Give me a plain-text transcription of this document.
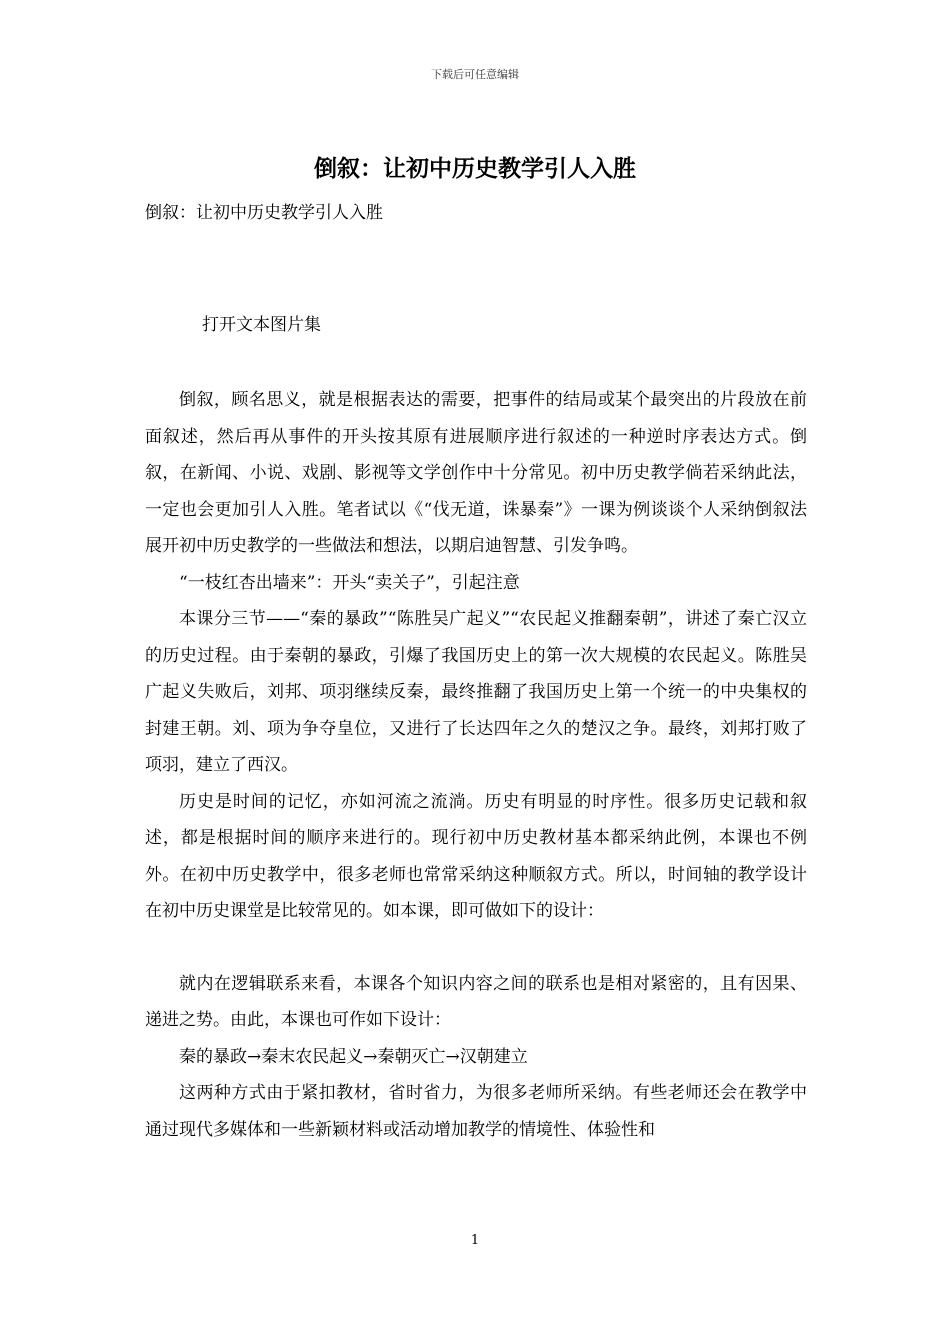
下载后可任意编辑
倒叙：让初中历史教学引人入胜
倒叙：让初中历史教学引人入胜
打开文本图片集

倒叙，顾名思义，就是根据表达的需要，把事件的结局或某个最突出的片段放在前面叙述，然后再从事件的开头按其原有进展顺序进行叙述的一种逆时序表达方式。倒叙，在新闻、小说、戏剧、影视等文学创作中十分常见。初中历史教学倘若采纳此法，一定也会更加引人入胜。笔者试以《“伐无道，诛暴秦”》一课为例谈谈个人采纳倒叙法展开初中历史教学的一些做法和想法，以期启迪智慧、引发争鸣。

“一枝红杏出墙来”：开头“卖关子”，引起注意

本课分三节——“秦的暴政”“陈胜吴广起义”“农民起义推翻秦朝”，讲述了秦亡汉立的历史过程。由于秦朝的暴政，引爆了我国历史上的第一次大规模的农民起义。陈胜吴广起义失败后，刘邦、项羽继续反秦，最终推翻了我国历史上第一个统一的中央集权的封建王朝。刘、项为争夺皇位，又进行了长达四年之久的楚汉之争。最终，刘邦打败了项羽，建立了西汉。

历史是时间的记忆，亦如河流之流淌。历史有明显的时序性。很多历史记载和叙述，都是根据时间的顺序来进行的。现行初中历史教材基本都采纳此例，本课也不例外。在初中历史教学中，很多老师也常常采纳这种顺叙方式。所以，时间轴的教学设计在初中历史课堂是比较常见的。如本课，即可做如下的设计：

就内在逻辑联系来看，本课各个知识内容之间的联系也是相对紧密的，且有因果、递进之势。由此，本课也可作如下设计：

秦的暴政→秦末农民起义→秦朝灭亡→汉朝建立

这两种方式由于紧扣教材，省时省力，为很多老师所采纳。有些老师还会在教学中通过现代多媒体和一些新颖材料或活动增加教学的情境性、体验性和

1
